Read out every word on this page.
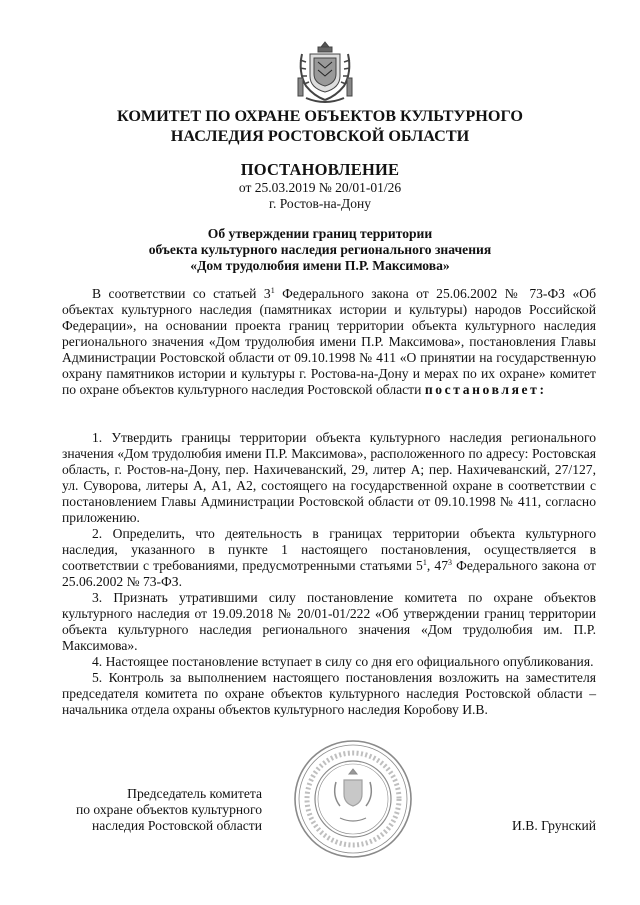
КОМИТЕТ ПО ОХРАНЕ ОБЪЕКТОВ КУЛЬТУРНОГО
НАСЛЕДИЯ РОСТОВСКОЙ ОБЛАСТИ
ПОСТАНОВЛЕНИЕ
от 25.03.2019 № 20/01-01/26
г. Ростов-на-Дону
Об утверждении границ территории
объекта культурного наследия регионального значения
«Дом трудолюбия имени П.Р. Максимова»

В соответствии со статьей $3^1$ Федерального закона от 25.06.2002 № 73-ФЗ «Об объектах культурного наследия (памятниках истории и культуры) народов Российской Федерации», на основании проекта границ территории объекта культурного наследия регионального значения «Дом трудолюбия имени П.Р. Максимова», постановления Главы Администрации Ростовской области от 09.10.1998 № 411 «О принятии на государственную охрану памятников истории и культуры г. Ростова-на-Дону и мерах по их охране» комитет по охране объектов культурного наследия Ростовской области постановляет:

1. Утвердить границы территории объекта культурного наследия регионального значения «Дом трудолюбия имени П.Р. Максимова», расположенного по адресу: Ростовская область, г. Ростов-на-Дону, пер. Нахичеванский, 29, литер А; пер. Нахичеванский, 27/127, ул. Суворова, литеры А, А1, А2, состоящего на государственной охране в соответствии с постановлением Главы Администрации Ростовской области от 09.10.1998 № 411, согласно приложению.

2. Определить, что деятельность в границах территории объекта культурного наследия, указанного в пункте 1 настоящего постановления, осуществляется в соответствии с требованиями, предусмотренными статьями $5^1$, $47^3$ Федерального закона от 25.06.2002 № 73-ФЗ.

3. Признать утратившими силу постановление комитета по охране объектов культурного наследия от 19.09.2018 № 20/01-01/222 «Об утверждении границ территории объекта культурного наследия регионального значения «Дом трудолюбия им. П.Р. Максимова».

4. Настоящее постановление вступает в силу со дня его официального опубликования.

5. Контроль за выполнением настоящего постановления возложить на заместителя председателя комитета по охране объектов культурного наследия Ростовской области – начальника отдела охраны объектов культурного наследия Коробову И.В.

Председатель комитета
по охране объектов культурного
наследия Ростовской области	И.В. Грунский
